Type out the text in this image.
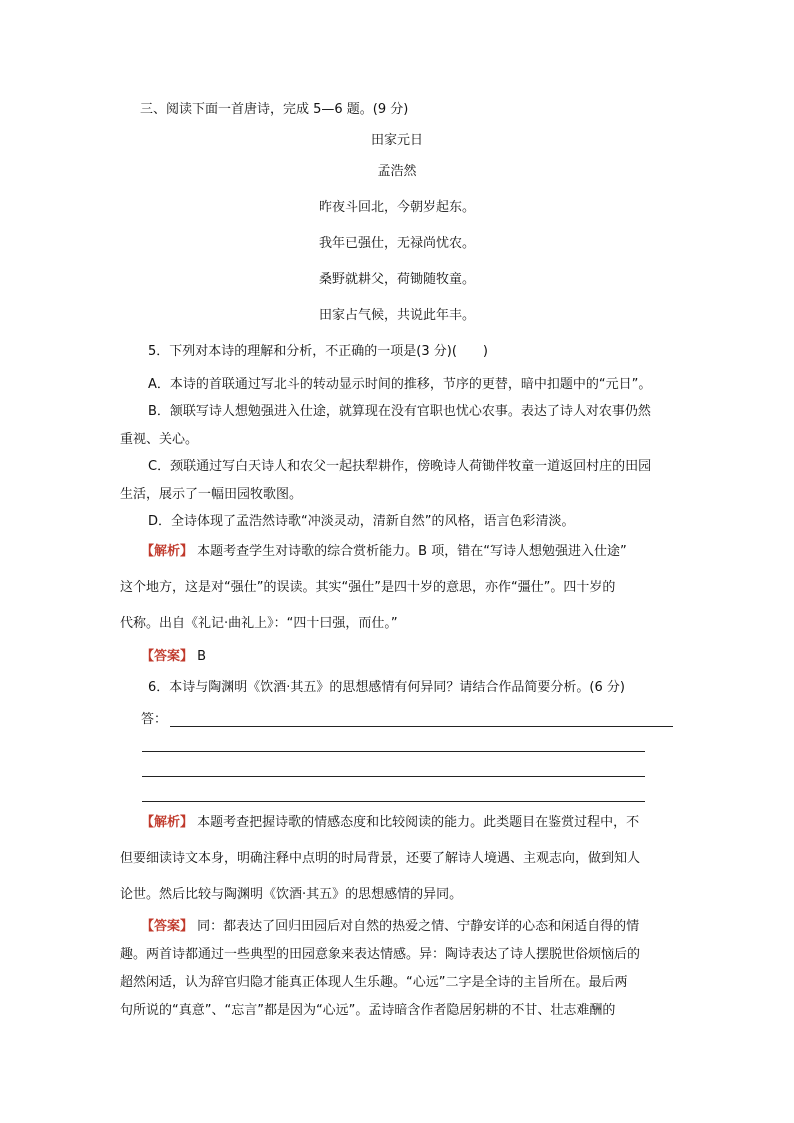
三、阅读下面一首唐诗，完成 5—6 题。(9 分)
田家元日
孟浩然
昨夜斗回北，今朝岁起东。
我年已强仕，无禄尚忧农。
桑野就耕父，荷锄随牧童。
田家占气候，共说此年丰。
5．下列对本诗的理解和分析，不正确的一项是(3 分)(　　)
A．本诗的首联通过写北斗的转动显示时间的推移，节序的更替，暗中扣题中的“元日”。
B．颔联写诗人想勉强进入仕途，就算现在没有官职也忧心农事。表达了诗人对农事仍然
重视、关心。
C．颈联通过写白天诗人和农父一起扶犁耕作，傍晚诗人荷锄伴牧童一道返回村庄的田园
生活，展示了一幅田园牧歌图。
D．全诗体现了孟浩然诗歌“冲淡灵动，清新自然”的风格，语言色彩清淡。
【解析】 本题考查学生对诗歌的综合赏析能力。B 项，错在“写诗人想勉强进入仕途”
这个地方，这是对“强仕”的误读。其实“强仕”是四十岁的意思，亦作“彊仕”。四十岁的
代称。出自《礼记·曲礼上》：“四十曰强，而仕。”
【答案】 B
6．本诗与陶渊明《饮酒·其五》的思想感情有何异同？请结合作品简要分析。(6 分)
答：
【解析】 本题考查把握诗歌的情感态度和比较阅读的能力。此类题目在鉴赏过程中，不
但要细读诗文本身，明确注释中点明的时局背景，还要了解诗人境遇、主观志向，做到知人
论世。然后比较与陶渊明《饮酒·其五》的思想感情的异同。
【答案】 同：都表达了回归田园后对自然的热爱之情、宁静安详的心态和闲适自得的情
趣。两首诗都通过一些典型的田园意象来表达情感。异：陶诗表达了诗人摆脱世俗烦恼后的
超然闲适，认为辞官归隐才能真正体现人生乐趣。“心远”二字是全诗的主旨所在。最后两
句所说的“真意”、“忘言”都是因为“心远”。孟诗暗含作者隐居躬耕的不甘、壮志难酬的
